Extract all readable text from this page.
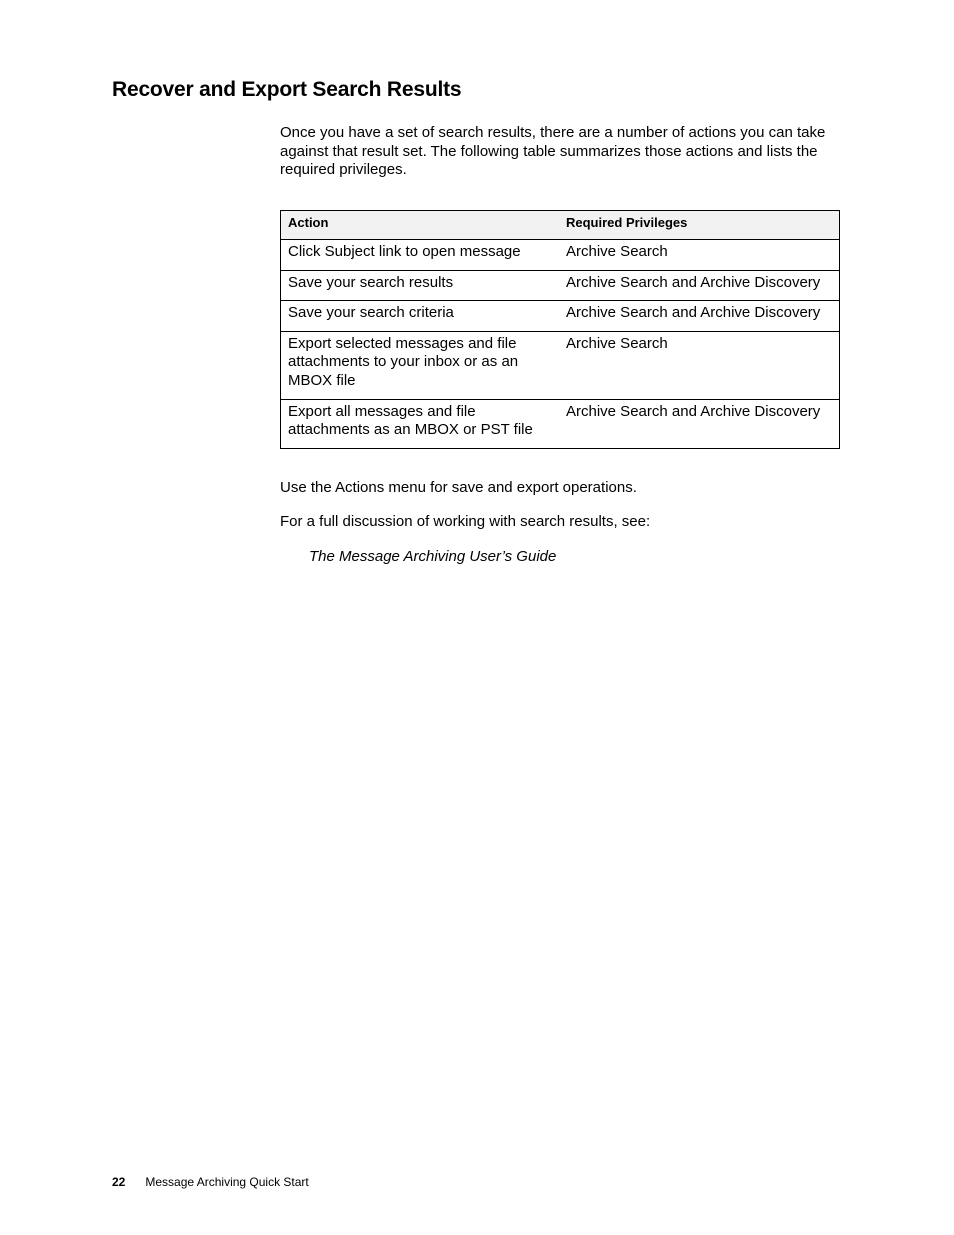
Recover and Export Search Results

Once you have a set of search results, there are a number of actions you can take against that result set. The following table summarizes those actions and lists the required privileges.

Action	Required Privileges
Click Subject link to open message	Archive Search
Save your search results	Archive Search and Archive Discovery
Save your search criteria	Archive Search and Archive Discovery
Export selected messages and file attachments to your inbox or as an MBOX file	Archive Search
Export all messages and file attachments as an MBOX or PST file	Archive Search and Archive Discovery

Use the Actions menu for save and export operations.

For a full discussion of working with search results, see:

The Message Archiving User’s Guide

22 Message Archiving Quick Start
